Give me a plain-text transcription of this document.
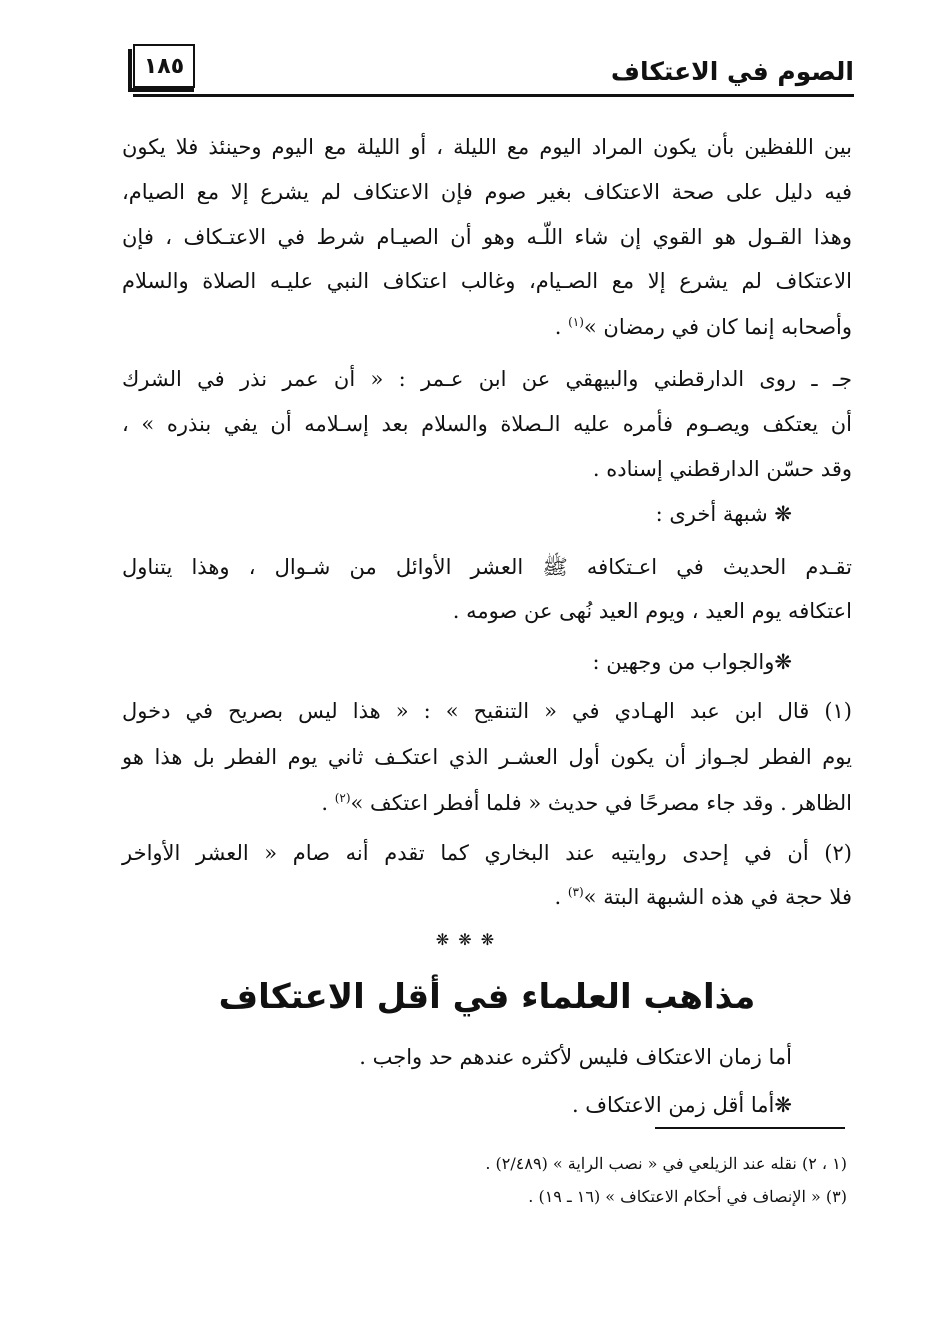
الصوم في الاعتكاف
١٨٥
بين اللفظين بأن يكون المراد اليوم مع الليلة ، أو الليلة مع اليوم وحينئذ فلا يكون
فيه دليل على صحة الاعتكاف بغير صوم فإن الاعتكاف لم يشرع إلا مع الصيام،
وهذا القـول هو القوي إن شاء اللّـه وهو أن الصيـام شرط في الاعتـكاف ، فإن
الاعتكاف لم يشرع إلا مع الصـيام، وغالب اعتكاف النبي عليـه الصلاة والسلام
وأصحابه إنما كان في رمضان »$^{(١)}$ .
جـ ـ روى الدارقطني والبيهقي عن ابن عـمر : « أن عمر نذر في الشرك
أن يعتكف ويصـوم فأمره عليه الـصلاة والسلام بعد إسـلامه أن يفي بنذره » ،
وقد حسّن الدارقطني إسناده .
❋ شبهة أخرى :
تقـدم الحديث في اعـتكافه ﷺ العشر الأوائل من شـوال ، وهذا يتناول
اعتكافه يوم العيد ، ويوم العيد نُهى عن صومه .
❋والجواب من وجهين :
(١) قال ابن عبد الهـادي في « التنقيح » : « هذا ليس بصريح في دخول
يوم الفطر لجـواز أن يكون أول العشـر الذي اعتكـف ثاني يوم الفطر بل هذا هو
الظاهر . وقد جاء مصرحًا في حديث « فلما أفطر اعتكف »$^{(٢)}$ .
(٢) أن في إحدى روايتيه عند البخاري كما تقدم أنه صام « العشر الأواخر
فلا حجة في هذه الشبهة البتة »$^{(٣)}$ .
❋ ❋ ❋
مذاهب العلماء في أقل الاعتكاف
أما زمان الاعتكاف فليس لأكثره عندهم حد واجب .
❋أما أقل زمن الاعتكاف .
(١ ، ٢) نقله عند الزيلعي في « نصب الراية » (٢/٤٨٩) .
(٣) « الإنصاف في أحكام الاعتكاف » (١٦ ـ ١٩) .
